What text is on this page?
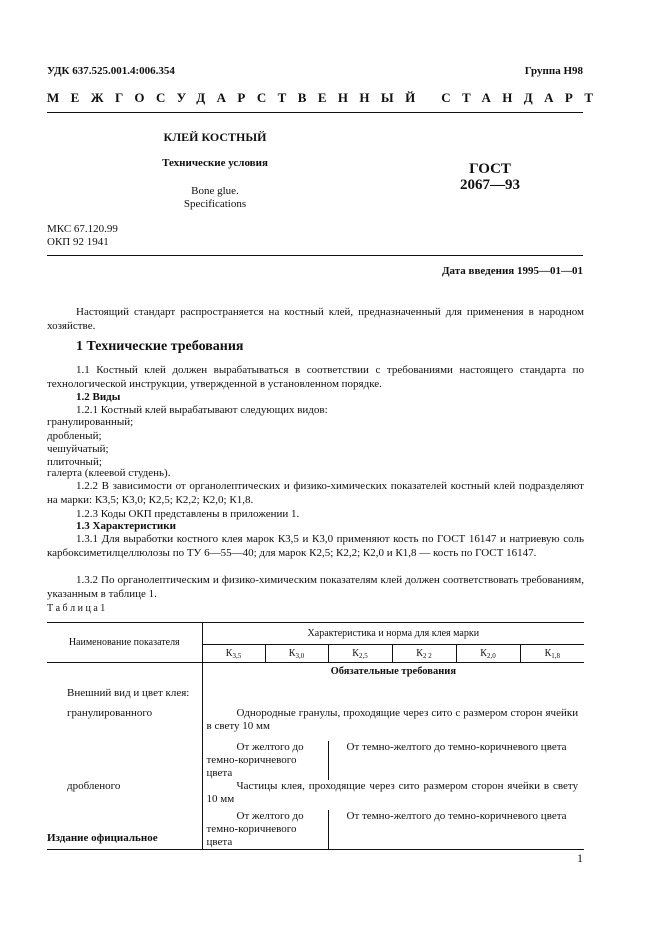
УДК 637.525.001.4:006.354	Группа Н98
МЕЖГОСУДАРСТВЕННЫЙ СТАНДАРТ
КЛЕЙ КОСТНЫЙ
Технические условия
Bone glue.
Specifications
ГОСТ
2067—93
МКС 67.120.99
ОКП 92 1941
Дата введения 1995—01—01
Настоящий стандарт распространяется на костный клей, предназначенный для применения в народном хозяйстве.
1 Технические требования
1.1 Костный клей должен вырабатываться в соответствии с требованиями настоящего стандарта по технологической инструкции, утвержденной в установленном порядке.
1.2 Виды
1.2.1 Костный клей вырабатывают следующих видов:
гранулированный;
дробленый;
чешуйчатый;
плиточный;
галерта (клеевой студень).
1.2.2 В зависимости от органолептических и физико-химических показателей костный клей подразделяют на марки: К3,5; К3,0; К2,5; К2,2; К2,0; К1,8.
1.2.3 Коды ОКП представлены в приложении 1.
1.3 Характеристики
1.3.1 Для выработки костного клея марок К3,5 и К3,0 применяют кость по ГОСТ 16147 и натриевую соль карбоксиметилцеллюлозы по ТУ 6—55—40; для марок К2,5; К2,2; К2,0 и К1,8 — кость по ГОСТ 16147.
1.3.2 По органолептическим и физико-химическим показателям клей должен соответствовать требованиям, указанным в таблице 1.
Т а б л и ц а 1
Наименование показателя	Характеристика и норма для клея марки					
	$К_{3,5}$	$К_{3,0}$	$К_{2,5}$	$К_{2 2}$	$К_{2,0}$	$К_{1,8}$
	Обязательные требования					
Внешний вид и цвет клея:						
гранулированного	Однородные гранулы, проходящие через сито с размером сторон ячейки в свету 10 мм					
	От желтого до темно-коричневого цвета		От темно-желтого до темно-коричневого цвета			
дробленого	Частицы клея, проходящие через сито размером сторон ячейки в свету 10 мм					
	От желтого до темно-коричневого цвета		От темно-желтого до темно-коричневого цвета			
Издание официальное
1
